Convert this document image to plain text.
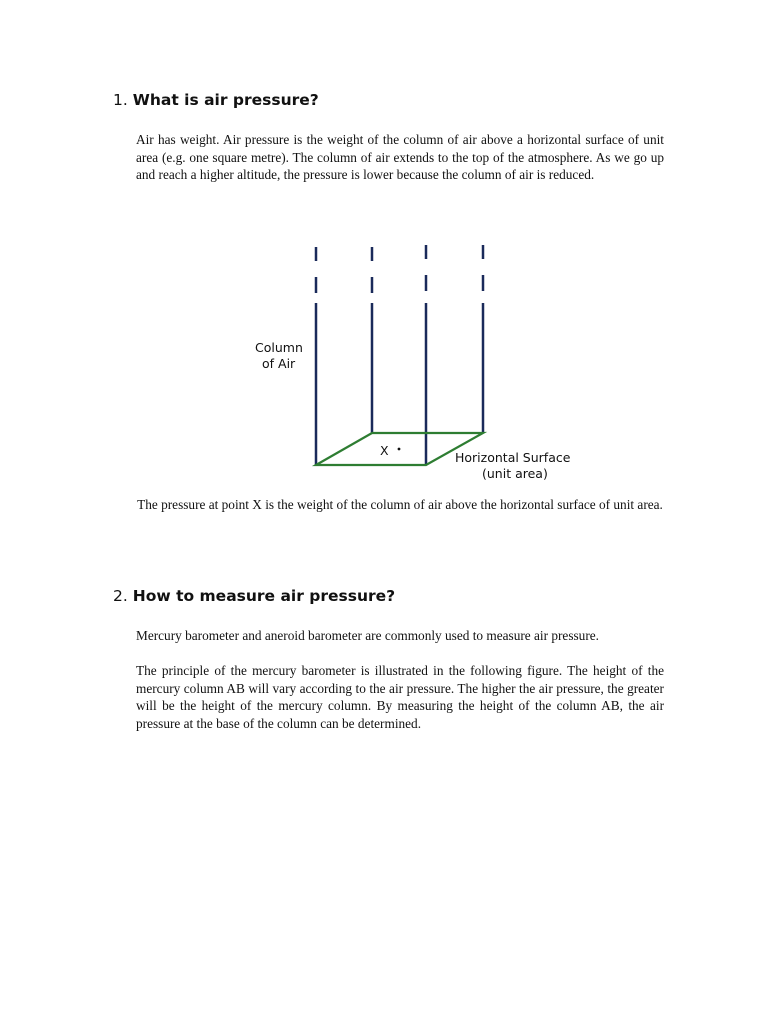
1. What is air pressure?

Air has weight. Air pressure is the weight of the column of air above a horizontal surface of unit area (e.g. one square metre). The column of air extends to the top of the atmosphere. As we go up and reach a higher altitude, the pressure is lower because the column of air is reduced.

X
Column
of Air
Horizontal Surface
(unit area)

The pressure at point X is the weight of the column of air above the horizontal surface of unit area.

2. How to measure air pressure?

Mercury barometer and aneroid barometer are commonly used to measure air pressure.

The principle of the mercury barometer is illustrated in the following figure. The height of the mercury column AB will vary according to the air pressure. The higher the air pressure, the greater will be the height of the mercury column. By measuring the height of the column AB, the air pressure at the base of the column can be determined.
